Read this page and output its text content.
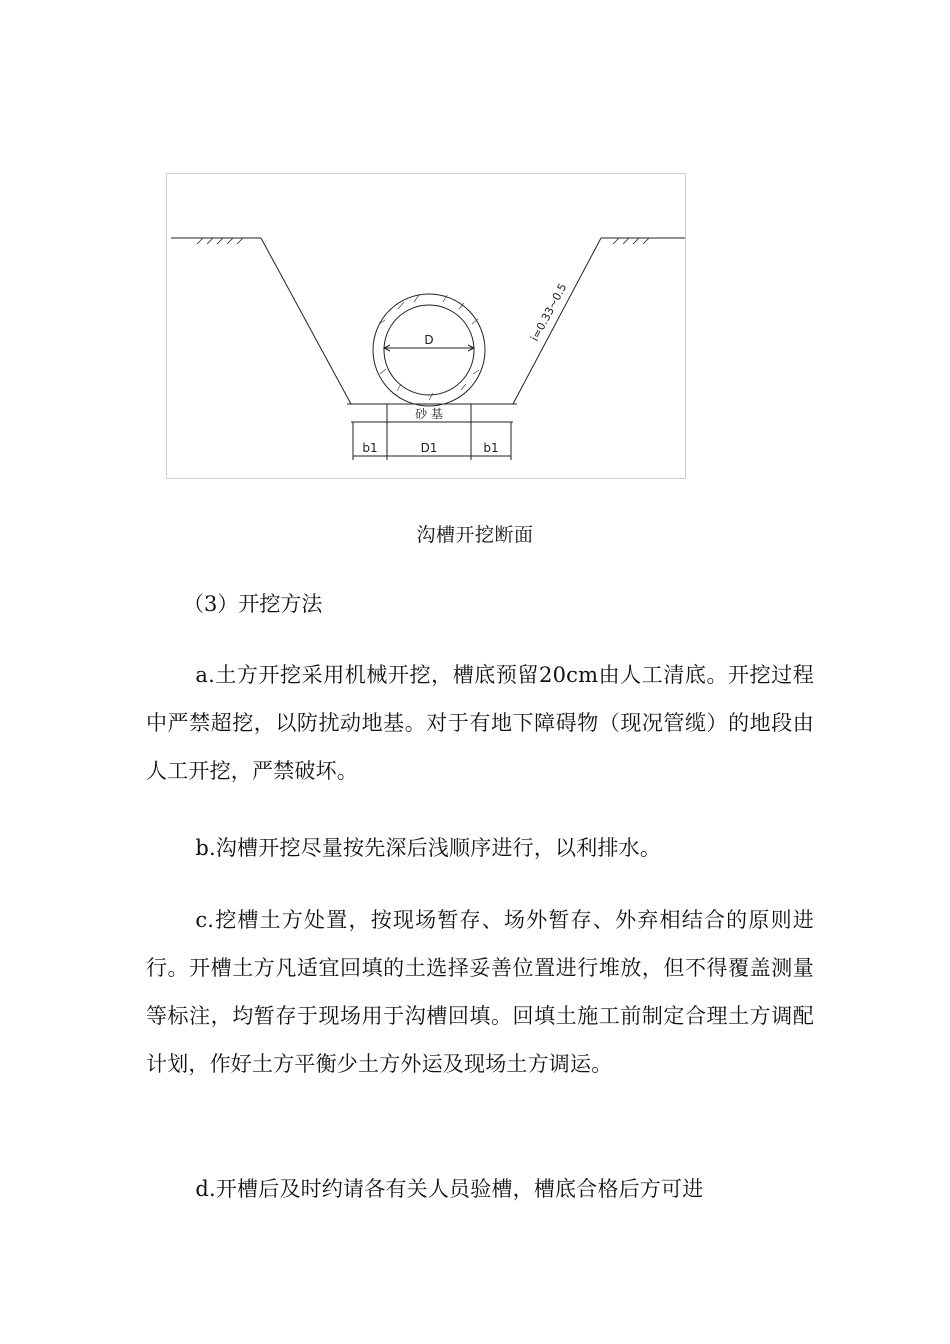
D
砂 基
b1	D1	b1
i=0.33~0.5
沟槽开挖断面
（3）开挖方法

a.土方开挖采用机械开挖，槽底预留20cm由人工清底。开挖过程中严禁超挖，以防扰动地基。对于有地下障碍物（现况管缆）的地段由人工开挖，严禁破坏。

b.沟槽开挖尽量按先深后浅顺序进行，以利排水。

c.挖槽土方处置，按现场暂存、场外暂存、外弃相结合的原则进行。开槽土方凡适宜回填的土选择妥善位置进行堆放，但不得覆盖测量等标注，均暂存于现场用于沟槽回填。回填土施工前制定合理土方调配计划，作好土方平衡少土方外运及现场土方调运。

d.开槽后及时约请各有关人员验槽，槽底合格后方可进
